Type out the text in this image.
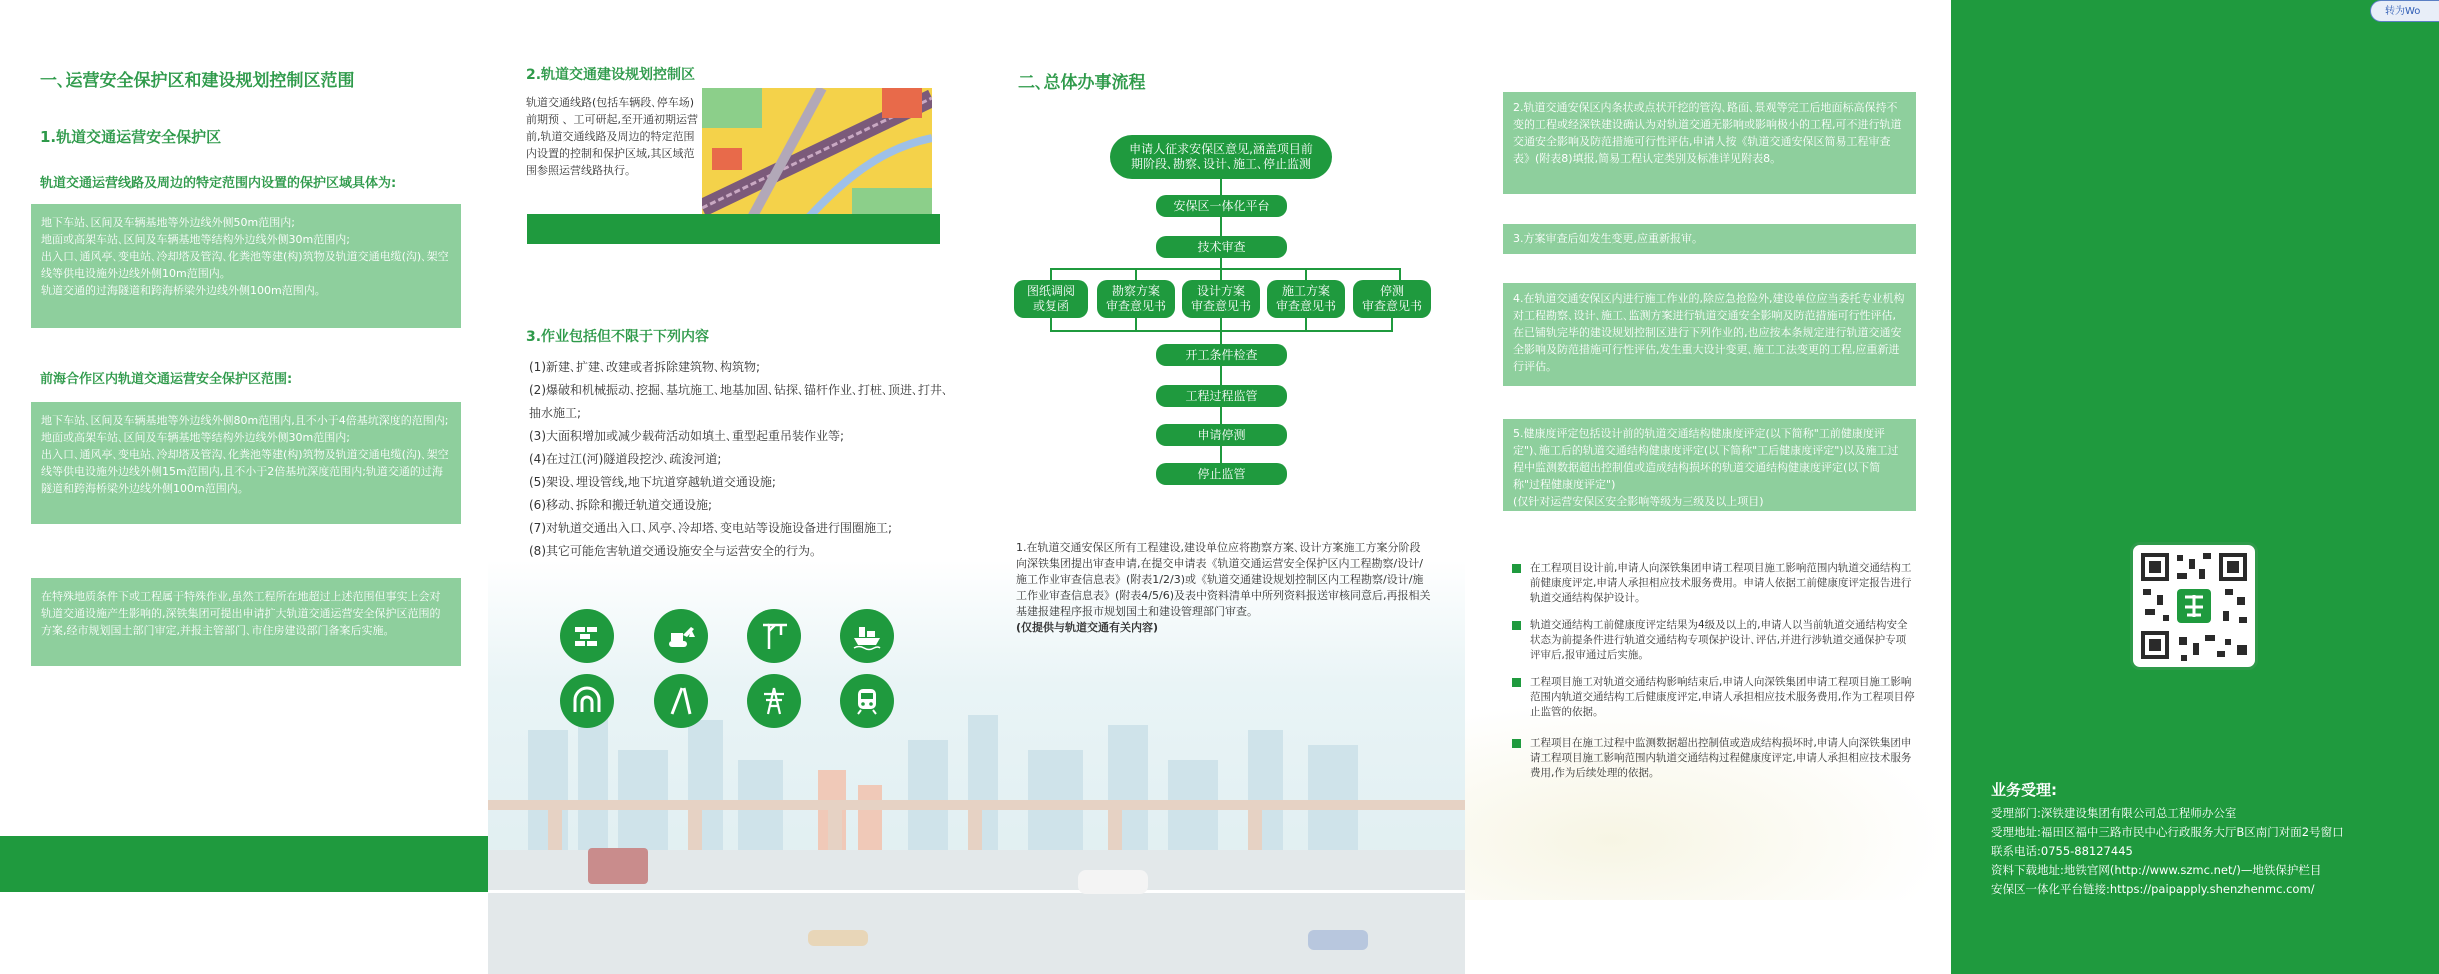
一､运营安全保护区和建设规划控制区范围
1.轨道交通运营安全保护区
轨道交通运营线路及周边的特定范围内设置的保护区域具体为:
地下车站､区间及车辆基地等外边线外侧50m范围内;
地面或高架车站､区间及车辆基地等结构外边线外侧30m范围内;
出入口､通风亭､变电站､冷却塔及管沟､化粪池等建(构)筑物及轨道交通电缆(沟)､架空线等供电设施外边线外侧10m范围内。
轨道交通的过海隧道和跨海桥梁外边线外侧100m范围内。
前海合作区内轨道交通运营安全保护区范围:
地下车站､区间及车辆基地等外边线外侧80m范围内,且不小于4倍基坑深度的范围内;
地面或高架车站､区间及车辆基地等结构外边线外侧30m范围内;
出入口､通风亭､变电站､冷却塔及管沟､化粪池等建(构)筑物及轨道交通电缆(沟)､架空线等供电设施外边线外侧15m范围内,且不小于2倍基坑深度范围内;轨道交通的过海隧道和跨海桥梁外边线外侧100m范围内。
在特殊地质条件下或工程属于特殊作业,虽然工程所在地超过上述范围但事实上会对轨道交通设施产生影响的,深铁集团可提出申请扩大轨道交通运营安全保护区范围的方案,经市规划国土部门审定,并报主管部门､市住房建设部门备案后实施。
2.轨道交通建设规划控制区
轨道交通线路(包括车辆段､停车场)前期预 、工可研起,至开通初期运营前,轨道交通线路及周边的特定范围内设置的控制和保护区域,其区域范围参照运营线路执行。
3.作业包括但不限于下列内容
(1)新建､扩建､改建或者拆除建筑物､构筑物;
(2)爆破和机械振动､挖掘､基坑施工､地基加固､钻探､锚杆作业､打桩､顶进､打井､抽水施工;
(3)大面积增加或减少载荷活动如填土､重型起重吊装作业等;
(4)在过江(河)隧道段挖沙､疏浚河道;
(5)架设､埋设管线,地下坑道穿越轨道交通设施;
(6)移动､拆除和搬迁轨道交通设施;
(7)对轨道交通出入口､风亭､冷却塔､变电站等设施设备进行围圈施工;
(8)其它可能危害轨道交通设施安全与运营安全的行为。
二､总体办事流程
申请人征求安保区意见,涵盖项目前期阶段､勘察､设计､施工､停止监测
安保区一体化平台
技术审查
图纸调阅
或复函
勘察方案
审查意见书
设计方案
审查意见书
施工方案
审查意见书
停测
审查意见书
开工条件检查
工程过程监管
申请停测
停止监管
1.在轨道交通安保区所有工程建设,建设单位应将勘察方案､设计方案施工方案分阶段向深铁集团提出审查申请,在提交申请表《轨道交通运营安全保护区内工程勘察/设计/施工作业审查信息表》(附表1/2/3)或《轨道交通建设规划控制区内工程勘察/设计/施工作业审查信息表》(附表4/5/6)及表中资料清单中所列资料报送审核同意后,再报相关基建报建程序报市规划国土和建设管理部门审查。
(仅提供与轨道交通有关内容)
2.轨道交通安保区内条状或点状开挖的管沟､路面､景观等完工后地面标高保持不变的工程或经深铁建设确认为对轨道交通无影响或影响极小的工程,可不进行轨道交通安全影响及防范措施可行性评估,申请人按《轨道交通安保区简易工程审查表》(附表8)填报,简易工程认定类别及标准详见附表8。
3.方案审查后如发生变更,应重新报审。
4.在轨道交通安保区内进行施工作业的,除应急抢险外,建设单位应当委托专业机构对工程勘察､设计､施工､监测方案进行轨道交通安全影响及防范措施可行性评估,在已铺轨完毕的建设规划控制区进行下列作业的,也应按本条规定进行轨道交通安全影响及防范措施可行性评估,发生重大设计变更､施工工法变更的工程,应重新进行评估。
5.健康度评定包括设计前的轨道交通结构健康度评定(以下简称"工前健康度评定")､施工后的轨道交通结构健康度评定(以下简称"工后健康度评定")以及施工过程中监测数据超出控制值或造成结构损坏的轨道交通结构健康度评定(以下简称"过程健康度评定")
(仅针对运营安保区安全影响等级为三级及以上项目)
在工程项目设计前,申请人向深铁集团申请工程项目施工影响范围内轨道交通结构工前健康度评定,申请人承担相应技术服务费用。申请人依据工前健康度评定报告进行轨道交通结构保护设计。
轨道交通结构工前健康度评定结果为4级及以上的,申请人以当前轨道交通结构安全状态为前提条件进行轨道交通结构专项保护设计､评估,并进行涉轨道交通保护专项评审后,报审通过后实施。
工程项目施工对轨道交通结构影响结束后,申请人向深铁集团申请工程项目施工影响范围内轨道交通结构工后健康度评定,申请人承担相应技术服务费用,作为工程项目停止监管的依据。
工程项目在施工过程中监测数据超出控制值或造成结构损坏时,申请人向深铁集团申请工程项目施工影响范围内轨道交通结构过程健康度评定,申请人承担相应技术服务费用,作为后续处理的依据。
转为Wo
业务受理:
受理部门:深铁建设集团有限公司总工程师办公室
受理地址:福田区福中三路市民中心行政服务大厅B区南门对面2号窗口
联系电话:0755-88127445
资料下载地址:地铁官网(http://www.szmc.net/)—地铁保护栏目
安保区一体化平台链接:https://paipapply.shenzhenmc.com/
